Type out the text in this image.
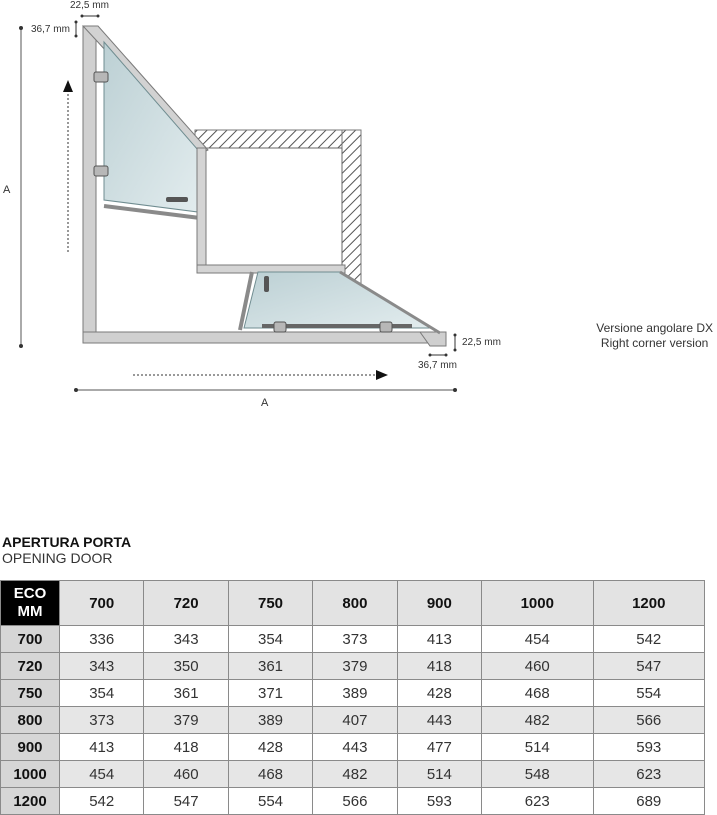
A
A
22,5 mm
36,7 mm
22,5 mm
36,7 mm
Versione angolare DX
Right corner version
APERTURA PORTA
OPENING DOOR
ECO
MM	700	720	750	800	900	1000	1200
700	336	343	354	373	413	454	542
720	343	350	361	379	418	460	547
750	354	361	371	389	428	468	554
800	373	379	389	407	443	482	566
900	413	418	428	443	477	514	593
1000	454	460	468	482	514	548	623
1200	542	547	554	566	593	623	689
